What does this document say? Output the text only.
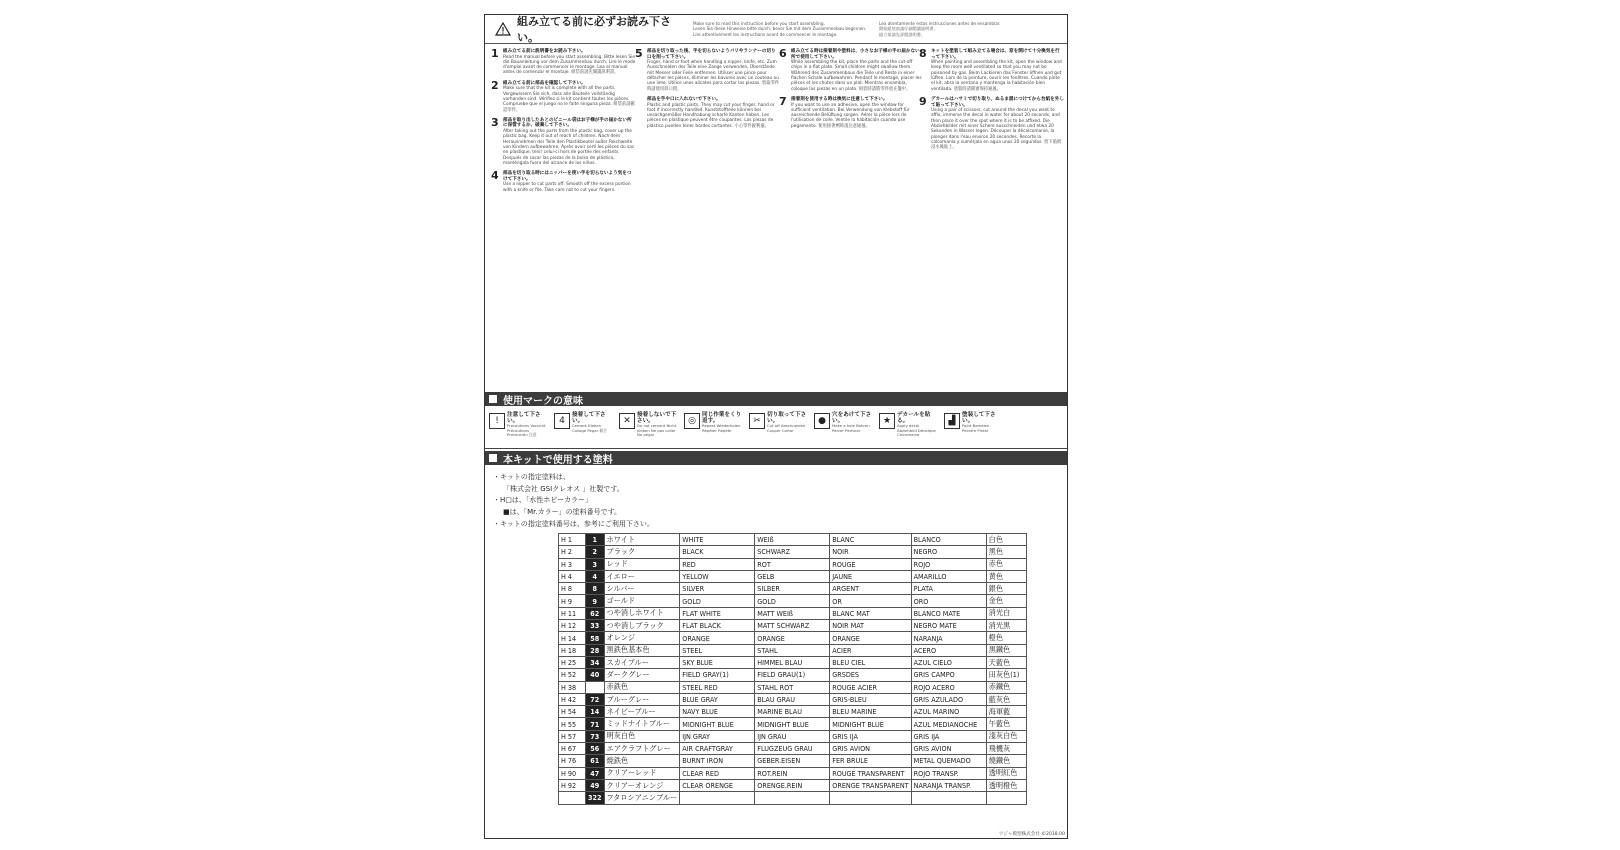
組み立てる前に必ずお読み下さい。
Make sure to read this instruction before you start assembling.
Lesen Sie diese Hinweise bitte durch, bevor Sie mit dem Zusammenbau beginnen.
Lire attentivement les instructions avant de commencer le montage.
Lea atentamente estas instrucciones antes de ensamblar.
開始組装前請仔細閱讀説明書。
組立前請先詳閱説明書。
1 組み立てる前に説明書をお読み下さい。
Read the manual before you start assembling. Bitte lesen Sie die Bauanleitung vor dem Zusammenbau durch. Lire le mode d'emploi avant de commencer le montage. Lea el manual antes de comenzar el montaje. 組装前請先閱讀説明書。
2 組み立てる前に部品を確認して下さい。
Make sure that the kit is complete with all the parts. Vergewissern Sie sich, dass alle Bauteile vollständig vorhanden sind. Vérifiez si le kit contient toutes les pièces. Compruebe que el juego no le falte ninguna pieza. 組装前請確認零件。
3 部品を取り出したあとのビニール袋はお子様が手の届かない所に保管するか、破棄して下さい。
After taking out the parts from the plastic bag, cover up the plastic bag. Keep it out of reach of children. Nach dem Herausnehmen der Teile den Plastikbeutel außer Reichweite von Kindern aufbewahren. Après avoir sorti les pièces du sac en plastique, tenir celui-ci hors de portée des enfants. Después de sacar las piezas de la bolsa de plástico, manténgala fuera del alcance de los niños.
4 部品を切り取る時にはニッパーを使い手を切らないよう気をつけて下さい。
Use a nipper to cut parts off. Smooth off the excess portion with a knife or file. Take care not to cut your fingers.
5 部品を切り取った後、手を切らないようバリやランナーの切り口を削って下さい。
Finger, hand or foot when handling a nipper, knife, etc. Zum Ausschneiden der Teile eine Zange verwenden, Überstände mit Messer oder Feile entfernen. Utiliser une pince pour détacher les pièces, éliminer les bavures avec un couteau ou une lime. Utilice unos alicates para cortar las piezas. 剪取零件時請使用斜口鉗。
部品を手や口に入れないで下さい。
Plastic and plastic parts. They may cut your finger, hand or foot if incorrectly handled. Kunststoffteile können bei unsachgemäßer Handhabung scharfe Kanten haben. Les pièces en plastique peuvent être coupantes. Las piezas de plástico pueden tener bordes cortantes. 小心零件銳利處。
6 組み立てる時は接着剤や塗料は、小さなお子様の手の届かない所で使用して下さい。
While assembling the kit, place the parts and the cut-off chips in a flat plate. Small children might swallow them. Während des Zusammenbaus die Teile und Reste in einer flachen Schale aufbewahren. Pendant le montage, placer les pièces et les chutes dans un plat. Mientras ensambla, coloque las piezas en un plato. 組装時請將零件放在盤中。
7 接着剤を使用する時は換気に注意して下さい。
If you want to use an adhesive, open the window for sufficient ventilation. Bei Verwendung von Klebstoff für ausreichende Belüftung sorgen. Aérer la pièce lors de l'utilisation de colle. Ventile la habitación cuando use pegamento. 使用接著劑時請注意通風。
8 キットを塗装して組み立てる場合は、窓を開けて十分換気を行って下さい。
When painting and assembling the kit, open the window and keep the room well ventilated so that you may not be poisoned by gas. Beim Lackieren das Fenster öffnen und gut lüften. Lors de la peinture, ouvrir les fenêtres. Cuando pinte el kit, abra la ventana y mantenga la habitación bien ventilada. 塗裝時請開窗保持通風。
9 デカールはハサミで切り取り、ぬるま湯につけてから台紙を外して貼って下さい。
Using a pair of scissors, cut around the decal you want to affix, immerse the decal in water for about 20 seconds, and then place it over the spot where it is to be affixed. Die Abziehbilder mit einer Schere ausschneiden und etwa 20 Sekunden in Wasser legen. Découper la décalcomanie, la plonger dans l'eau environ 20 secondes. Recorte la calcomanía y sumérjala en agua unos 20 segundos. 剪下貼紙浸水後貼上。
使用マークの意味
!
注意して下さい。
Precautions Vorsicht Précautions Precaución 注意
4
接着して下さい。
Cement Kleben Collage Pegar 黏合
✕
接着しないで下さい。
Do not cement Nicht kleben Ne pas coller No pegar
◎
同じ作業をくり返す。
Repeat Wiederholen Répéter Repetir
✂
切り取って下さい。
Cut off Abschneiden Couper Cortar
●
穴をあけて下さい。
Make a hole Bohren Percer Perforar
★
デカールを貼る。
Apply decal Abziehbild Décalque Calcomanía
▟
塗装して下さい。
Paint Bemalen Peindre Pintar
本キットで使用する塗料
・キットの指定塗料は、
「株式会社 GSIクレオス 」社製です。
・H□は、「水性ホビーカラー」
■は、「Mr.カラー」の塗料番号です。
・キットの指定塗料番号は、参考にご利用下さい。
H 1	1	ホワイト	WHITE	WEIß	BLANC	BLANCO	白色
H 2	2	ブラック	BLACK	SCHWARZ	NOIR	NEGRO	黑色
H 3	3	レッド	RED	ROT	ROUGE	ROJO	赤色
H 4	4	イエロー	YELLOW	GELB	JAUNE	AMARILLO	黄色
H 8	8	シルバー	SILVER	SILBER	ARGENT	PLATA	銀色
H 9	9	ゴールド	GOLD	GOLD	OR	ORO	金色
H 11	62	つや消しホワイト	FLAT WHITE	MATT WEIß	BLANC MAT	BLANCO MATE	消光白
H 12	33	つや消しブラック	FLAT BLACK	MATT SCHWARZ	NOIR MAT	NEGRO MATE	消光黒
H 14	58	オレンジ	ORANGE	ORANGE	ORANGE	NARANJA	橙色
H 18	28	黒鉄色基本色	STEEL	STAHL	ACIER	ACERO	黒鐵色
H 25	34	スカイブルー	SKY BLUE	HIMMEL BLAU	BLEU CIEL	AZUL CIELO	天藍色
H 52	40	ダークグレー	FIELD GRAY(1)	FIELD GRAU(1)	GRSDES	GRIS CAMPO	田灰色(1)
H 38		赤鉄色	STEEL RED	STAHL ROT	ROUGE ACIER	ROJO ACERO	赤鐵色
H 42	72	ブルーグレー	BLUE GRAY	BLAU GRAU	GRIS-BLEU	GRIS AZULADO	藍灰色
H 54	14	ネイビーブルー	NAVY BLUE	MARINE BLAU	BLEU MARINE	AZUL MARINO	海軍藍
H 55	71	ミッドナイトブルー	MIDNIGHT BLUE	MIDNIGHT BLUE	MIDNIGHT BLUE	AZUL MEDIANOCHE	午藍色
H 57	73	明灰白色	IJN GRAY	IJN GRAU	GRIS IJA	GRIS IJA	淺灰白色
H 67	56	エアクラフトグレー	AIR CRAFTGRAY	FLUGZEUG GRAU	GRIS AVION	GRIS AVION	飛機灰
H 76	61	焼鉄色	BURNT IRON	GEBER.EISEN	FER BRULE	METAL QUEMADO	燒鐵色
H 90	47	クリアーレッド	CLEAR RED	ROT.REIN	ROUGE TRANSPARENT	ROJO TRANSP.	透明紅色
H 92	49	クリアーオレンジ	CLEAR ORENGE	ORENGE.REIN	ORENGE TRANSPARENT	NARANJA TRANSP.	透明橙色
	322	フタロシアニンブルー					
ワジャ模型株式会社 ©2018.00
